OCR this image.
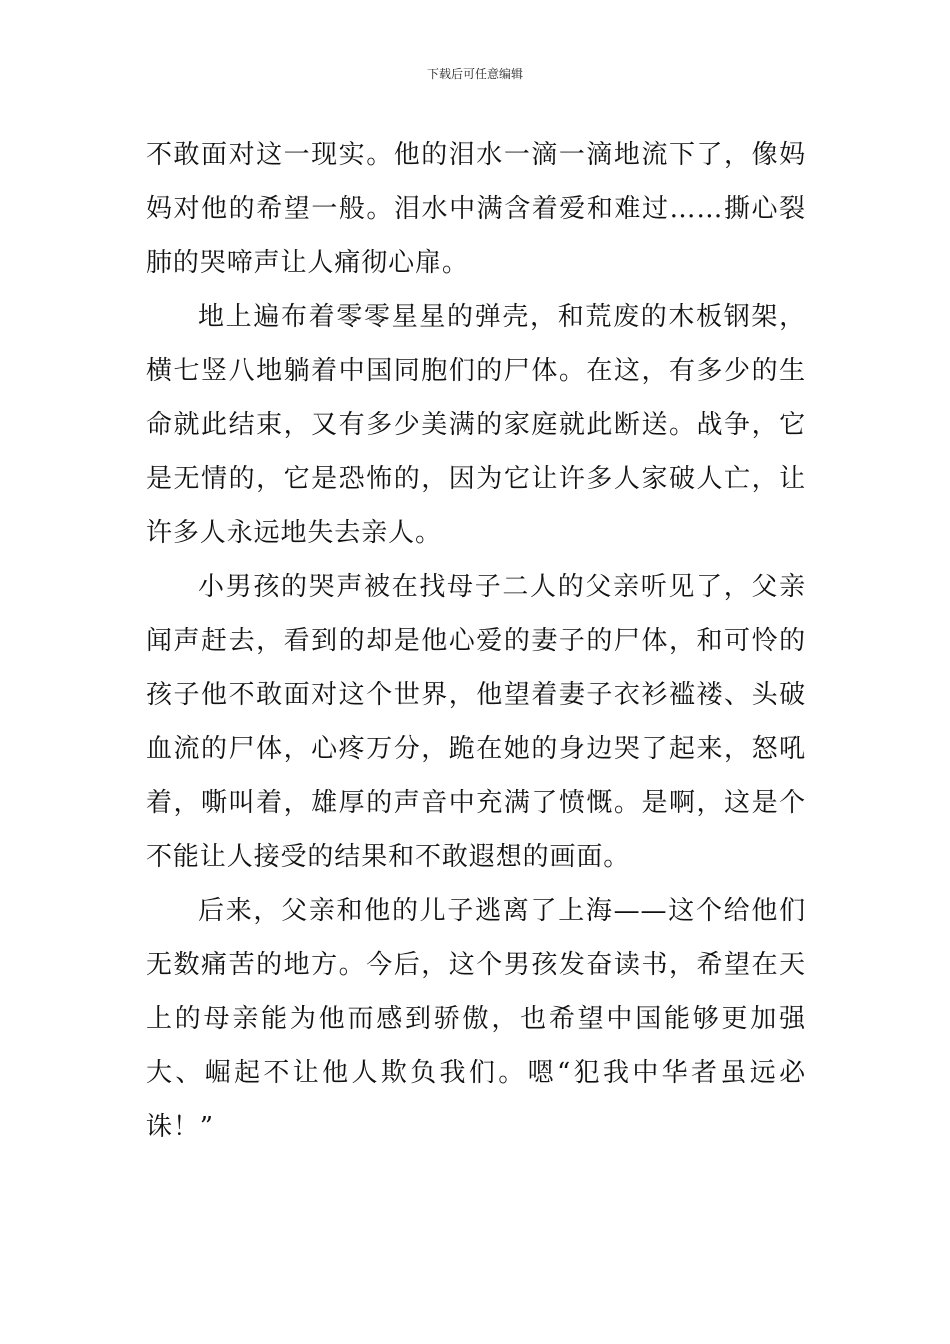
下载后可任意编辑

不敢面对这一现实。他的泪水一滴一滴地流下了，像妈妈对他的希望一般。泪水中满含着爱和难过……撕心裂肺的哭啼声让人痛彻心扉。

地上遍布着零零星星的弹壳，和荒废的木板钢架，横七竖八地躺着中国同胞们的尸体。在这，有多少的生命就此结束，又有多少美满的家庭就此断送。战争，它是无情的，它是恐怖的，因为它让许多人家破人亡，让许多人永远地失去亲人。

小男孩的哭声被在找母子二人的父亲听见了，父亲闻声赶去，看到的却是他心爱的妻子的尸体，和可怜的孩子他不敢面对这个世界，他望着妻子衣衫褴褛、头破血流的尸体，心疼万分，跪在她的身边哭了起来，怒吼着，嘶叫着，雄厚的声音中充满了愤慨。是啊，这是个不能让人接受的结果和不敢遐想的画面。

后来，父亲和他的儿子逃离了上海——这个给他们无数痛苦的地方。今后，这个男孩发奋读书，希望在天上的母亲能为他而感到骄傲，也希望中国能够更加强大、崛起不让他人欺负我们。嗯“犯我中华者虽远必诛！”
